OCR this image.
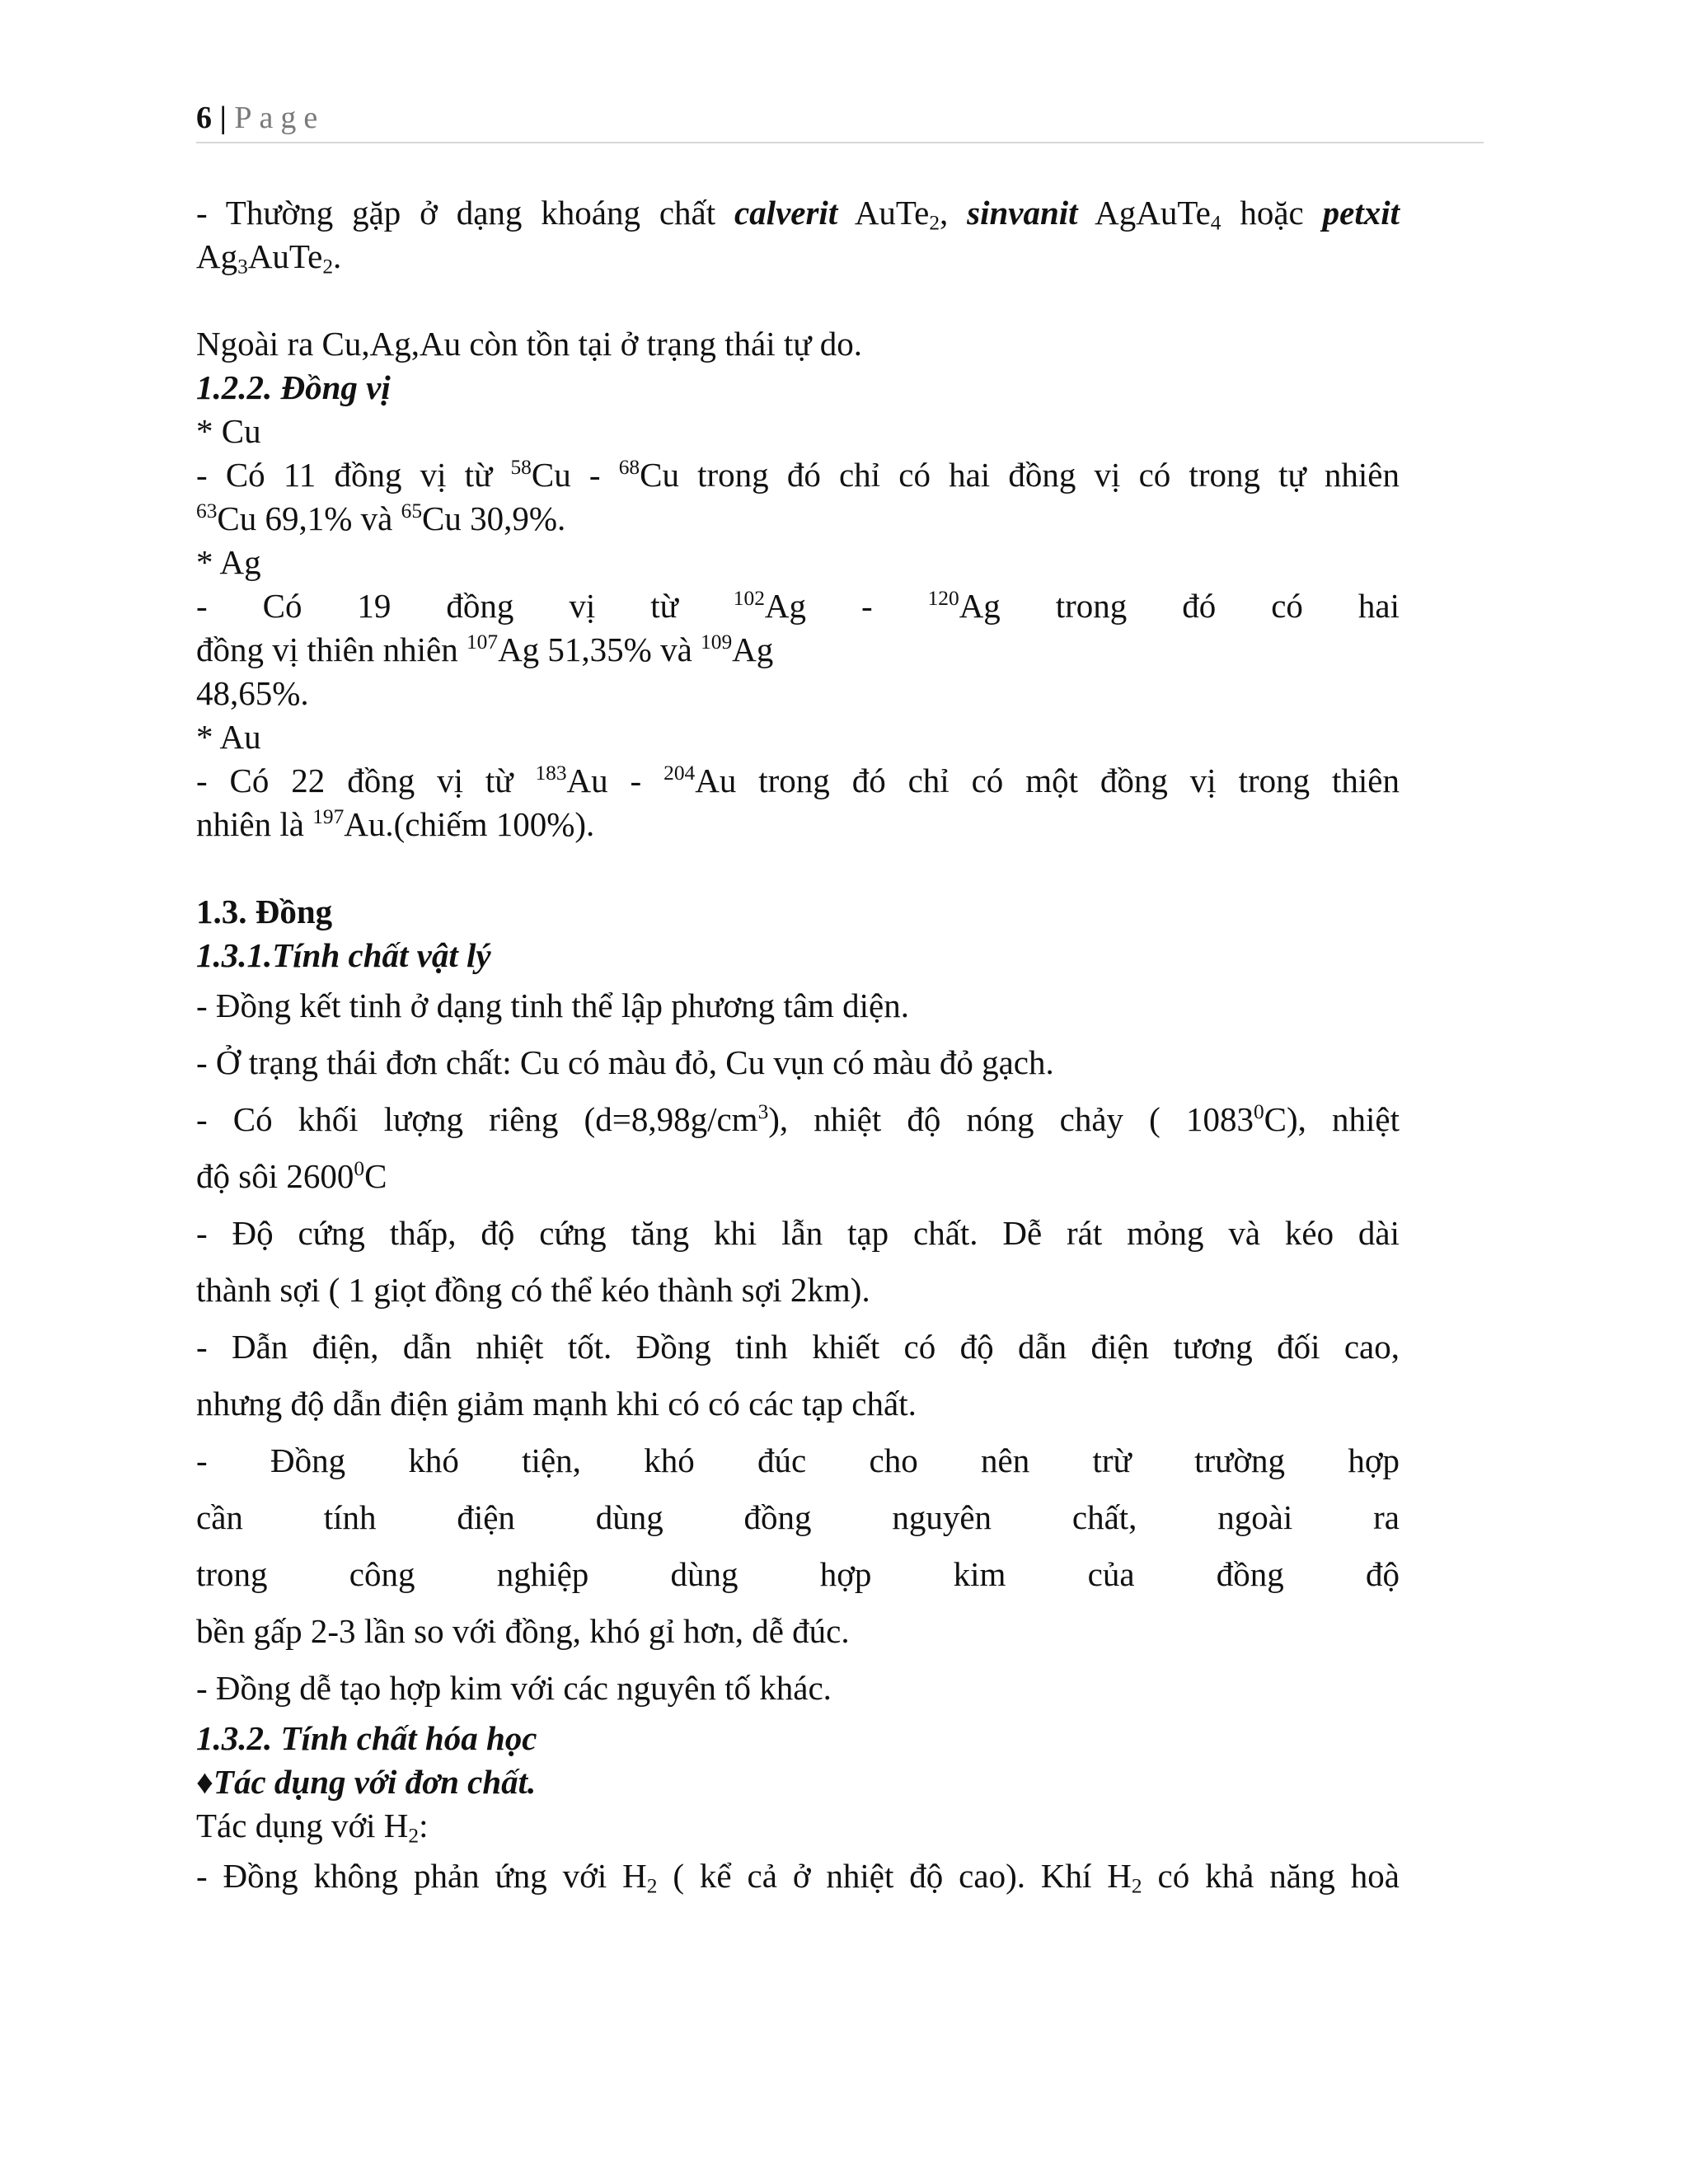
6 | Page

- Thường gặp ở dạng khoáng chất calverit AuTe$_2$, sinvanit AgAuTe$_4$ hoặc petxit

$Ag_3AuTe_2$.

Ngoài ra Cu,Ag,Au còn tồn tại ở trạng thái tự do.

1.2.2. Đồng vị

* Cu

- Có 11 đồng vị từ $^{58}$Cu - $^{68}$Cu trong đó chỉ có hai đồng vị có trong tự nhiên

$^{63}$Cu 69,1% và $^{65}$Cu 30,9%.

* Ag

- Có 19 đồng vị từ $^{102}$Ag - $^{120}$Ag trong đó có hai

đồng vị thiên nhiên $^{107}$Ag 51,35% và $^{109}$Ag

48,65%.

* Au

- Có 22 đồng vị từ $^{183}$Au - $^{204}$Au trong đó chỉ có một đồng vị trong thiên

nhiên là $^{197}$Au.(chiếm 100%).

1.3. Đồng

1.3.1.Tính chất vật lý

- Đồng kết tinh ở dạng tinh thể lập phương tâm diện.

- Ở trạng thái đơn chất: Cu có màu đỏ, Cu vụn có màu đỏ gạch.

- Có khối lượng riêng $(d=8,98g/cm^3)$, nhiệt độ nóng chảy ( 1083$^0$C), nhiệt

độ sôi 2600$^0$C

- Độ cứng thấp, độ cứng tăng khi lẫn tạp chất. Dễ rát mỏng và kéo dài

thành sợi ( 1 giọt đồng có thể kéo thành sợi 2km).

- Dẫn điện, dẫn nhiệt tốt. Đồng tinh khiết có độ dẫn điện tương đối cao,

nhưng độ dẫn điện giảm mạnh khi có có các tạp chất.

- Đồng khó tiện, khó đúc cho nên trừ trường hợp

cần tính điện dùng đồng nguyên chất, ngoài ra

trong công nghiệp dùng hợp kim của đồng độ

bền gấp 2-3 lần so với đồng, khó gỉ hơn, dễ đúc.

- Đồng dễ tạo hợp kim với các nguyên tố khác.

1.3.2. Tính chất hóa học

♦Tác dụng với đơn chất.

Tác dụng với $H_2$:

- Đồng không phản ứng với $H_2$ ( kể cả ở nhiệt độ cao). Khí $H_2$ có khả năng hoà
